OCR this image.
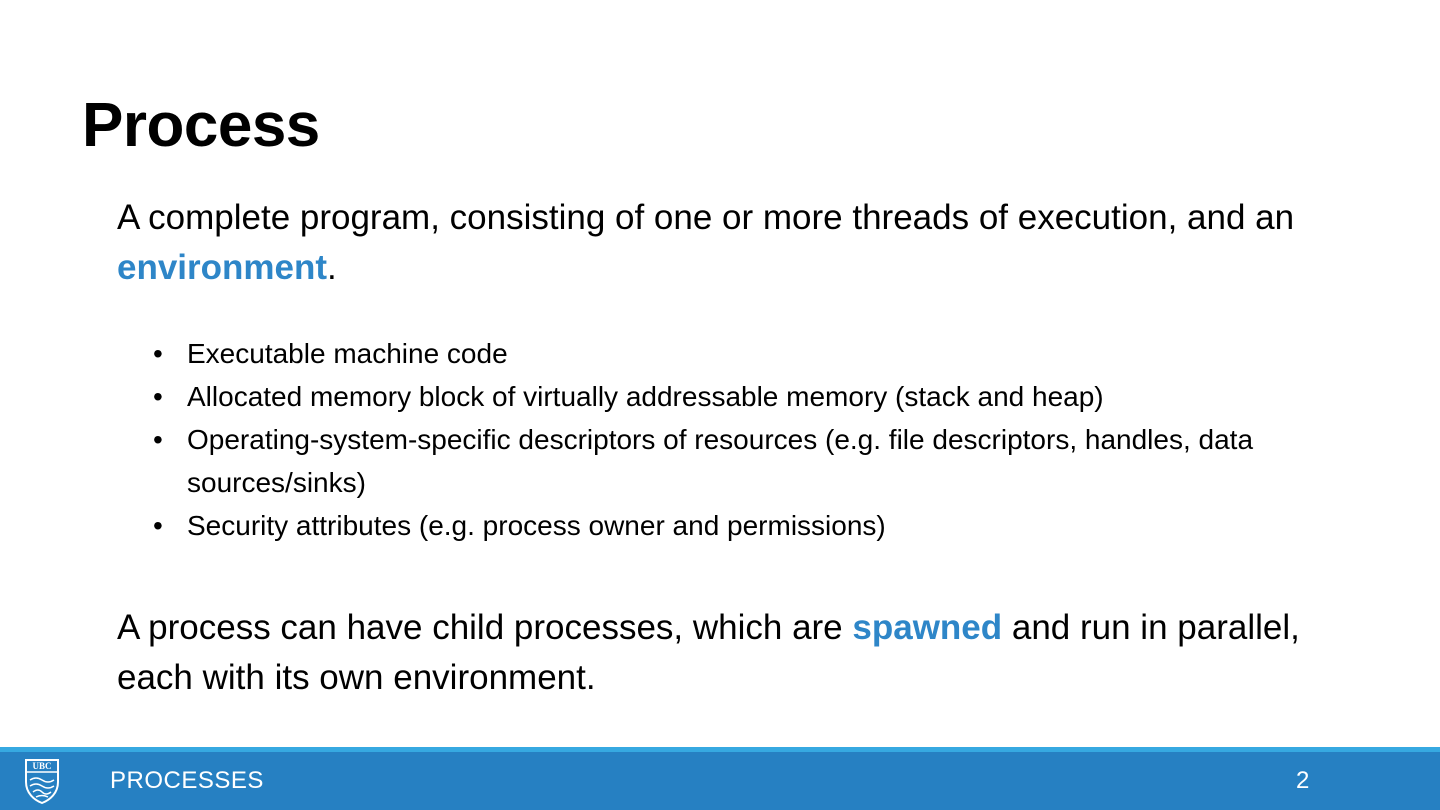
Process

A complete program, consisting of one or more threads of execution, and an environment.

• Executable machine code
• Allocated memory block of virtually addressable memory (stack and heap)
• Operating-system-specific descriptors of resources (e.g. file descriptors, handles, data sources/sinks)
• Security attributes (e.g. process owner and permissions)

A process can have child processes, which are spawned and run in parallel, each with its own environment.

UBC
PROCESSES	2
